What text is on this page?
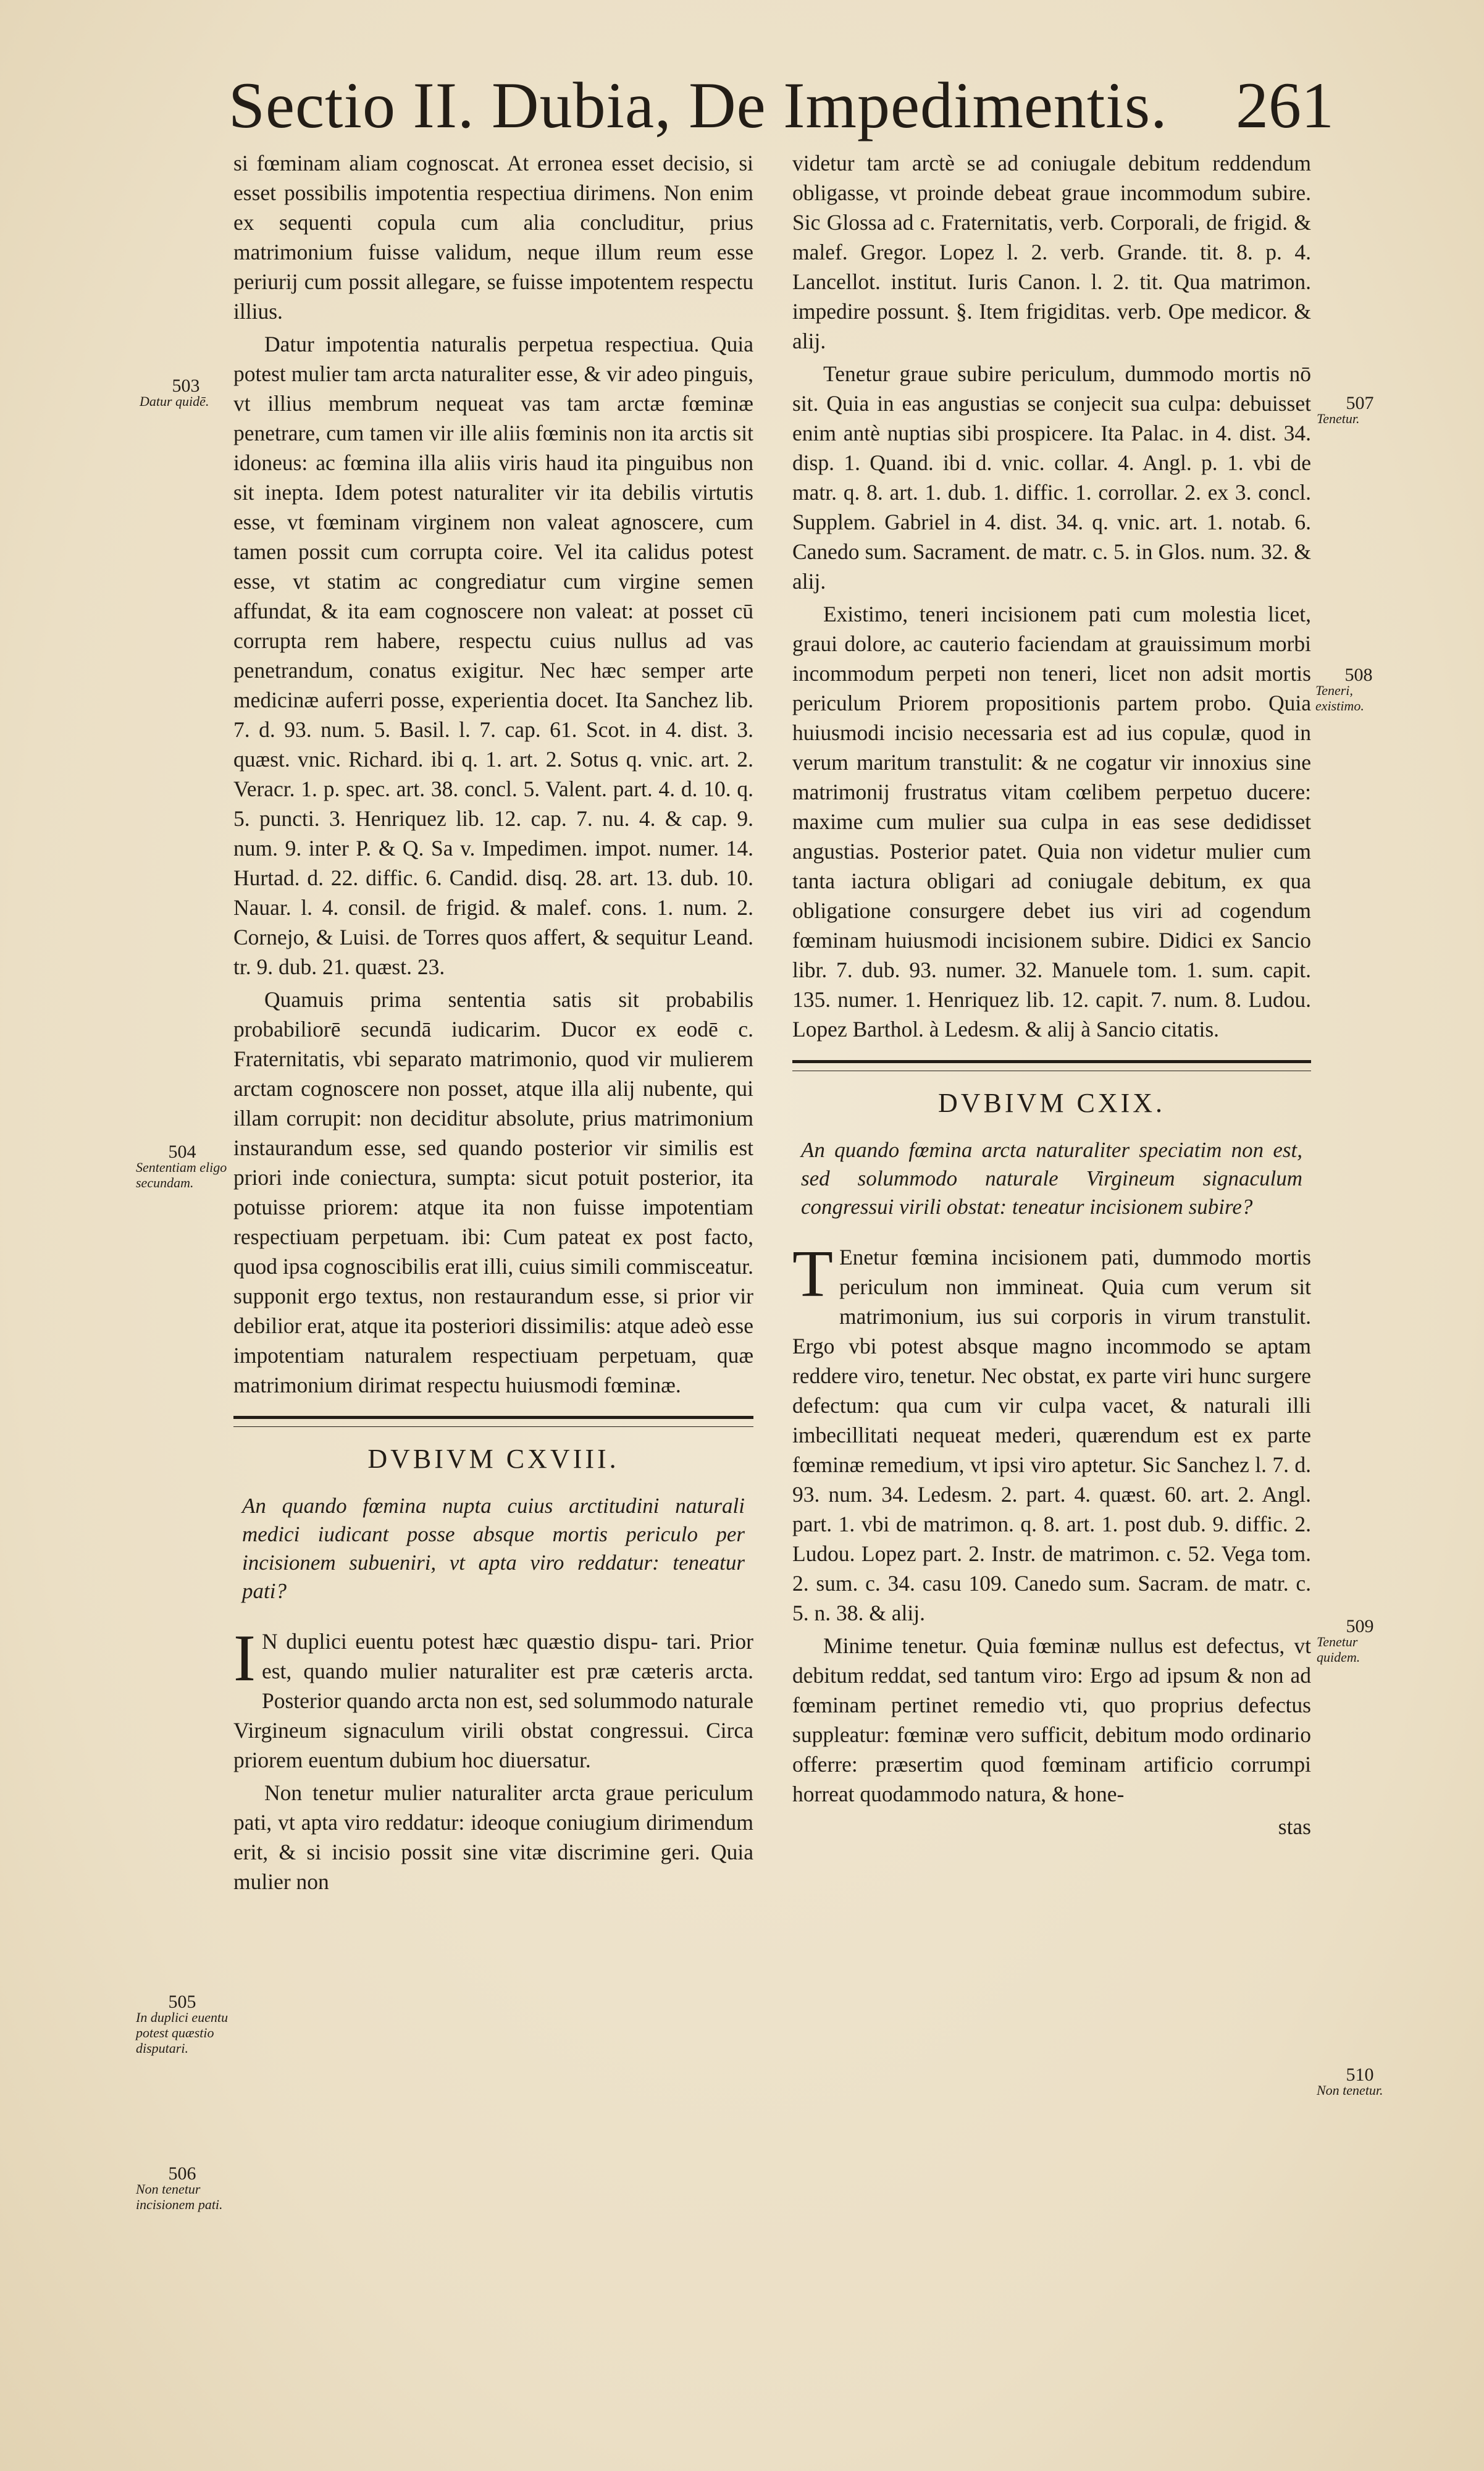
Sectio II. Dubia, De Impedimentis. 261

si fœminam aliam cognoscat. At erronea esset decisio, si esset possibilis impotentia respectiua dirimens. Non enim ex sequenti copula cum alia concluditur, prius matrimonium fuisse validum, neque illum reum esse periurij cum possit allegare, se fuisse impotentem respectu illius.

Datur impotentia naturalis perpetua respectiua. Quia potest mulier tam arcta naturaliter esse, & vir adeo pinguis, vt illius membrum nequeat vas tam arctæ fœminæ penetrare, cum tamen vir ille aliis fœminis non ita arctis sit idoneus: ac fœmina illa aliis viris haud ita pinguibus non sit inepta. Idem potest naturaliter vir ita debilis virtutis esse, vt fœminam virginem non valeat agnoscere, cum tamen possit cum corrupta coire. Vel ita calidus potest esse, vt statim ac congrediatur cum virgine semen affundat, & ita eam cognoscere non valeat: at posset cū corrupta rem habere, respectu cuius nullus ad vas penetrandum, conatus exigitur. Nec hæc semper arte medicinæ auferri posse, experientia docet. Ita Sanchez lib. 7. d. 93. num. 5. Basil. l. 7. cap. 61. Scot. in 4. dist. 3. quæst. vnic. Richard. ibi q. 1. art. 2. Sotus q. vnic. art. 2. Veracr. 1. p. spec. art. 38. concl. 5. Valent. part. 4. d. 10. q. 5. puncti. 3. Henriquez lib. 12. cap. 7. nu. 4. & cap. 9. num. 9. inter P. & Q. Sa v. Impedimen. impot. numer. 14. Hurtad. d. 22. diffic. 6. Candid. disq. 28. art. 13. dub. 10. Nauar. l. 4. consil. de frigid. & malef. cons. 1. num. 2. Cornejo, & Luisi. de Torres quos affert, & sequitur Leand. tr. 9. dub. 21. quæst. 23.

Quamuis prima sententia satis sit probabilis probabiliorē secundā iudicarim. Ducor ex eodē c. Fraternitatis, vbi separato matrimonio, quod vir mulierem arctam cognoscere non posset, atque illa alij nubente, qui illam corrupit: non deciditur absolute, prius matrimonium instaurandum esse, sed quando posterior vir similis est priori inde coniectura, sumpta: sicut potuit posterior, ita potuisse priorem: atque ita non fuisse impotentiam respectiuam perpetuam. ibi: Cum pateat ex post facto, quod ipsa cognoscibilis erat illi, cuius simili commisceatur. supponit ergo textus, non restaurandum esse, si prior vir debilior erat, atque ita posteriori dissimilis: atque adeò esse impotentiam naturalem respectiuam perpetuam, quæ matrimonium dirimat respectu huiusmodi fœminæ.

DVBIVM CXVIII.

An quando fœmina nupta cuius arctitudini naturali medici iudicant posse absque mortis periculo per incisionem subueniri, vt apta viro reddatur: teneatur pati?

I N duplici euentu potest hæc quæstio dispu- tari. Prior est, quando mulier naturaliter est præ cæteris arcta. Posterior quando arcta non est, sed solummodo naturale Virgineum signaculum virili obstat congressui. Circa priorem euentum dubium hoc diuersatur.

Non tenetur mulier naturaliter arcta graue periculum pati, vt apta viro reddatur: ideoque coniugium dirimendum erit, & si incisio possit sine vitæ discrimine geri. Quia mulier non

videtur tam arctè se ad coniugale debitum reddendum obligasse, vt proinde debeat graue incommodum subire. Sic Glossa ad c. Fraternitatis, verb. Corporali, de frigid. & malef. Gregor. Lopez l. 2. verb. Grande. tit. 8. p. 4. Lancellot. institut. Iuris Canon. l. 2. tit. Qua matrimon. impedire possunt. §. Item frigiditas. verb. Ope medicor. & alij.

Tenetur graue subire periculum, dummodo mortis nō sit. Quia in eas angustias se conjecit sua culpa: debuisset enim antè nuptias sibi prospicere. Ita Palac. in 4. dist. 34. disp. 1. Quand. ibi d. vnic. collar. 4. Angl. p. 1. vbi de matr. q. 8. art. 1. dub. 1. diffic. 1. corrollar. 2. ex 3. concl. Supplem. Gabriel in 4. dist. 34. q. vnic. art. 1. notab. 6. Canedo sum. Sacrament. de matr. c. 5. in Glos. num. 32. & alij.

Existimo, teneri incisionem pati cum molestia licet, graui dolore, ac cauterio faciendam at grauissimum morbi incommodum perpeti non teneri, licet non adsit mortis periculum Priorem propositionis partem probo. Quia huiusmodi incisio necessaria est ad ius copulæ, quod in verum maritum transtulit: & ne cogatur vir innoxius sine matrimonij frustratus vitam cœlibem perpetuo ducere: maxime cum mulier sua culpa in eas sese dedidisset angustias. Posterior patet. Quia non videtur mulier cum tanta iactura obligari ad coniugale debitum, ex qua obligatione consurgere debet ius viri ad cogendum fœminam huiusmodi incisionem subire. Didici ex Sancio libr. 7. dub. 93. numer. 32. Manuele tom. 1. sum. capit. 135. numer. 1. Henriquez lib. 12. capit. 7. num. 8. Ludou. Lopez Barthol. à Ledesm. & alij à Sancio citatis.

DVBIVM CXIX.

An quando fœmina arcta naturaliter speciatim non est, sed solummodo naturale Virgineum signaculum congressui virili obstat: teneatur incisionem subire?

T Enetur fœmina incisionem pati, dummodo mortis periculum non immineat. Quia cum verum sit matrimonium, ius sui corporis in virum transtulit. Ergo vbi potest absque magno incommodo se aptam reddere viro, tenetur. Nec obstat, ex parte viri hunc surgere defectum: qua cum vir culpa vacet, & naturali illi imbecillitati nequeat mederi, quærendum est ex parte fœminæ remedium, vt ipsi viro aptetur. Sic Sanchez l. 7. d. 93. num. 34. Ledesm. 2. part. 4. quæst. 60. art. 2. Angl. part. 1. vbi de matrimon. q. 8. art. 1. post dub. 9. diffic. 2. Ludou. Lopez part. 2. Instr. de matrimon. c. 52. Vega tom. 2. sum. c. 34. casu 109. Canedo sum. Sacram. de matr. c. 5. n. 38. & alij.

Minime tenetur. Quia fœminæ nullus est defectus, vt debitum reddat, sed tantum viro: Ergo ad ipsum & non ad fœminam pertinet remedio vti, quo proprius defectus suppleatur: fœminæ vero sufficit, debitum modo ordinario offerre: præsertim quod fœminam artificio corrumpi horreat quodammodo natura, & hone-

stas

503
Datur quidē.
504
Sententiam eligo secundam.
505
In duplici euentu potest quæstio disputari.
506
Non tenetur incisionem pati.
507
Tenetur.
508
Teneri, existimo.
509
Tenetur quidem.
510
Non tenetur.
